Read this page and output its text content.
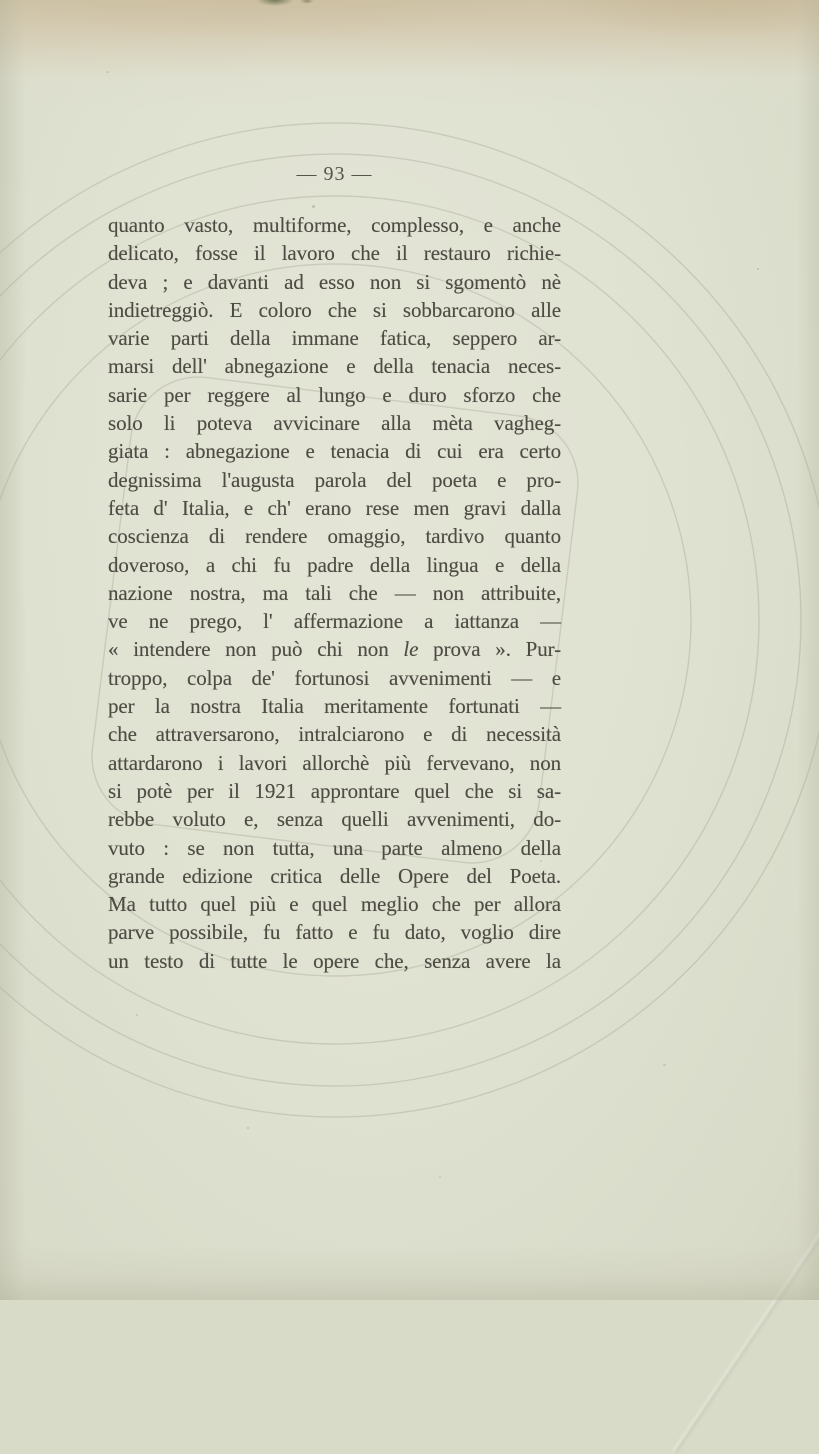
— 93 —
quanto vasto, multiforme, complesso, e anche
delicato, fosse il lavoro che il restauro richie-
deva ; e davanti ad esso non si sgomentò nè
indietreggiò. E coloro che si sobbarcarono alle
varie parti della immane fatica, seppero ar-
marsi dell' abnegazione e della tenacia neces-
sarie per reggere al lungo e duro sforzo che
solo li poteva avvicinare alla mèta vagheg-
giata : abnegazione e tenacia di cui era certo
degnissima l'augusta parola del poeta e pro-
feta d' Italia, e ch' erano rese men gravi dalla
coscienza di rendere omaggio, tardivo quanto
doveroso, a chi fu padre della lingua e della
nazione nostra, ma tali che — non attribuite,
ve ne prego, l' affermazione a iattanza —
« intendere non può chi non le prova ». Pur-
troppo, colpa de' fortunosi avvenimenti — e
per la nostra Italia meritamente fortunati —
che attraversarono, intralciarono e di necessità
attardarono i lavori allorchè più fervevano, non
si potè per il 1921 approntare quel che si sa-
rebbe voluto e, senza quelli avvenimenti, do-
vuto : se non tutta, una parte almeno della
grande edizione critica delle Opere del Poeta.
Ma tutto quel più e quel meglio che per allora
parve possibile, fu fatto e fu dato, voglio dire
un testo di tutte le opere che, senza avere la
